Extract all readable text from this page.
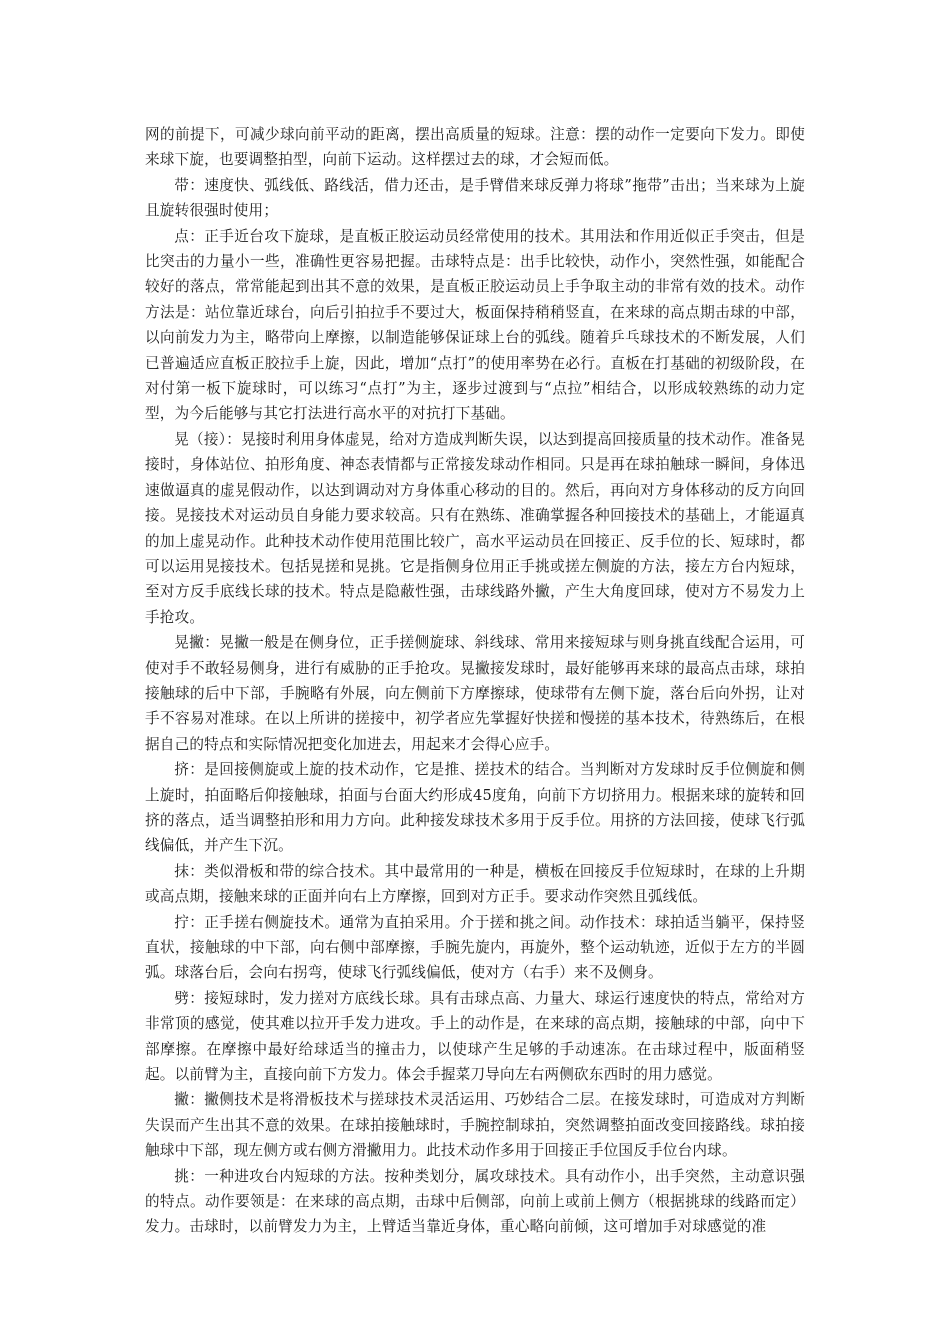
网的前提下，可减少球向前平动的距离，摆出高质量的短球。注意：摆的动作一定要向下发力。即使来球下旋，也要调整拍型，向前下运动。这样摆过去的球，才会短而低。

带：速度快、弧线低、路线活，借力还击，是手臂借来球反弹力将球”拖带”击出；当来球为上旋且旋转很强时使用；

点：正手近台攻下旋球，是直板正胶运动员经常使用的技术。其用法和作用近似正手突击，但是比突击的力量小一些，准确性更容易把握。击球特点是：出手比较快，动作小，突然性强，如能配合较好的落点，常常能起到出其不意的效果，是直板正胶运动员上手争取主动的非常有效的技术。动作方法是：站位靠近球台，向后引拍拉手不要过大，板面保持稍稍竖直，在来球的高点期击球的中部，以向前发力为主，略带向上摩擦，以制造能够保证球上台的弧线。随着乒乓球技术的不断发展，人们已普遍适应直板正胶拉手上旋，因此，增加“点打”的使用率势在必行。直板在打基础的初级阶段，在对付第一板下旋球时，可以练习“点打”为主，逐步过渡到与“点拉”相结合，以形成较熟练的动力定型，为今后能够与其它打法进行高水平的对抗打下基础。

晃（接）：晃接时利用身体虚晃，给对方造成判断失误，以达到提高回接质量的技术动作。准备晃接时，身体站位、拍形角度、神态表情都与正常接发球动作相同。只是再在球拍触球一瞬间，身体迅速做逼真的虚晃假动作，以达到调动对方身体重心移动的目的。然后，再向对方身体移动的反方向回接。晃接技术对运动员自身能力要求较高。只有在熟练、准确掌握各种回接技术的基础上，才能逼真的加上虚晃动作。此种技术动作使用范围比较广，高水平运动员在回接正、反手位的长、短球时，都可以运用晃接技术。包括晃搓和晃挑。它是指侧身位用正手挑或搓左侧旋的方法，接左方台内短球，至对方反手底线长球的技术。特点是隐蔽性强，击球线路外撇，产生大角度回球，使对方不易发力上手抢攻。

晃撇：晃撇一般是在侧身位，正手搓侧旋球、斜线球、常用来接短球与则身挑直线配合运用，可使对手不敢轻易侧身，进行有威胁的正手抢攻。晃撇接发球时，最好能够再来球的最高点击球，球拍接触球的后中下部，手腕略有外展，向左侧前下方摩擦球，使球带有左侧下旋，落台后向外拐，让对手不容易对准球。在以上所讲的搓接中，初学者应先掌握好快搓和慢搓的基本技术，待熟练后，在根据自己的特点和实际情况把变化加进去，用起来才会得心应手。

挤：是回接侧旋或上旋的技术动作，它是推、搓技术的结合。当判断对方发球时反手位侧旋和侧上旋时，拍面略后仰接触球，拍面与台面大约形成45度角，向前下方切挤用力。根据来球的旋转和回挤的落点，适当调整拍形和用力方向。此种接发球技术多用于反手位。用挤的方法回接，使球飞行弧线偏低，并产生下沉。

抹：类似滑板和带的综合技术。其中最常用的一种是，横板在回接反手位短球时，在球的上升期或高点期，接触来球的正面并向右上方摩擦，回到对方正手。要求动作突然且弧线低。

拧：正手搓右侧旋技术。通常为直拍采用。介于搓和挑之间。动作技术：球拍适当躺平，保持竖直状，接触球的中下部，向右侧中部摩擦，手腕先旋内，再旋外，整个运动轨迹，近似于左方的半圆弧。球落台后，会向右拐弯，使球飞行弧线偏低，使对方（右手）来不及侧身。

劈：接短球时，发力搓对方底线长球。具有击球点高、力量大、球运行速度快的特点，常给对方非常顶的感觉，使其难以拉开手发力进攻。手上的动作是，在来球的高点期，接触球的中部，向中下部摩擦。在摩擦中最好给球适当的撞击力，以使球产生足够的手动速冻。在击球过程中，版面稍竖起。以前臂为主，直接向前下方发力。体会手握菜刀导向左右两侧砍东西时的用力感觉。

撇：撇侧技术是将滑板技术与搓球技术灵活运用、巧妙结合二层。在接发球时，可造成对方判断失误而产生出其不意的效果。在球拍接触球时，手腕控制球拍，突然调整拍面改变回接路线。球拍接触球中下部，现左侧方或右侧方滑撇用力。此技术动作多用于回接正手位国反手位台内球。

挑：一种进攻台内短球的方法。按种类划分，属攻球技术。具有动作小，出手突然，主动意识强的特点。动作要领是：在来球的高点期，击球中后侧部，向前上或前上侧方（根据挑球的线路而定）发力。击球时，以前臂发力为主，上臂适当靠近身体，重心略向前倾，这可增加手对球感觉的准
